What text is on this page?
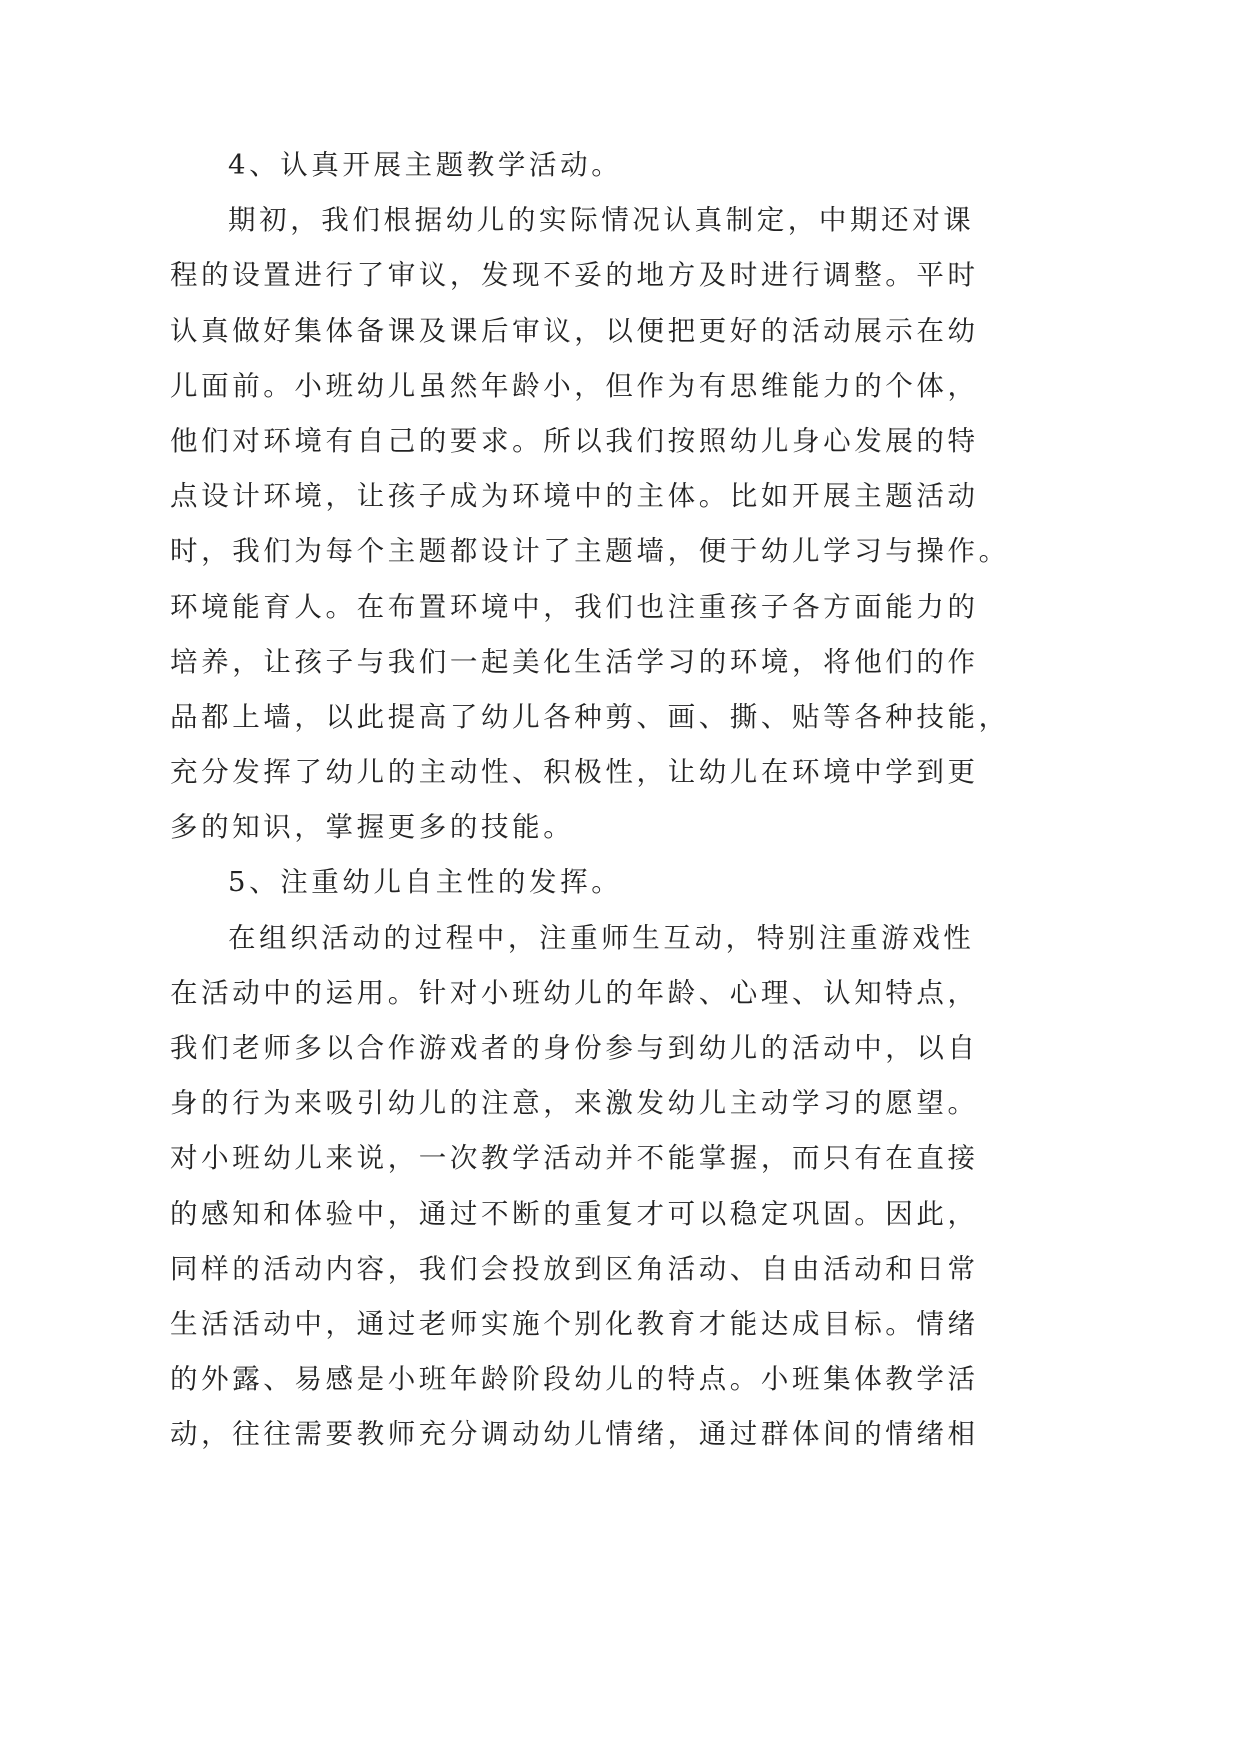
4、认真开展主题教学活动。
期初，我们根据幼儿的实际情况认真制定，中期还对课
程的设置进行了审议，发现不妥的地方及时进行调整。平时
认真做好集体备课及课后审议，以便把更好的活动展示在幼
儿面前。小班幼儿虽然年龄小，但作为有思维能力的个体，
他们对环境有自己的要求。所以我们按照幼儿身心发展的特
点设计环境，让孩子成为环境中的主体。比如开展主题活动
时，我们为每个主题都设计了主题墙，便于幼儿学习与操作。
环境能育人。在布置环境中，我们也注重孩子各方面能力的
培养，让孩子与我们一起美化生活学习的环境，将他们的作
品都上墙，以此提高了幼儿各种剪、画、撕、贴等各种技能，
充分发挥了幼儿的主动性、积极性，让幼儿在环境中学到更
多的知识，掌握更多的技能。
5、注重幼儿自主性的发挥。
在组织活动的过程中，注重师生互动，特别注重游戏性
在活动中的运用。针对小班幼儿的年龄、心理、认知特点，
我们老师多以合作游戏者的身份参与到幼儿的活动中，以自
身的行为来吸引幼儿的注意，来激发幼儿主动学习的愿望。
对小班幼儿来说，一次教学活动并不能掌握，而只有在直接
的感知和体验中，通过不断的重复才可以稳定巩固。因此，
同样的活动内容，我们会投放到区角活动、自由活动和日常
生活活动中，通过老师实施个别化教育才能达成目标。情绪
的外露、易感是小班年龄阶段幼儿的特点。小班集体教学活
动，往往需要教师充分调动幼儿情绪，通过群体间的情绪相
